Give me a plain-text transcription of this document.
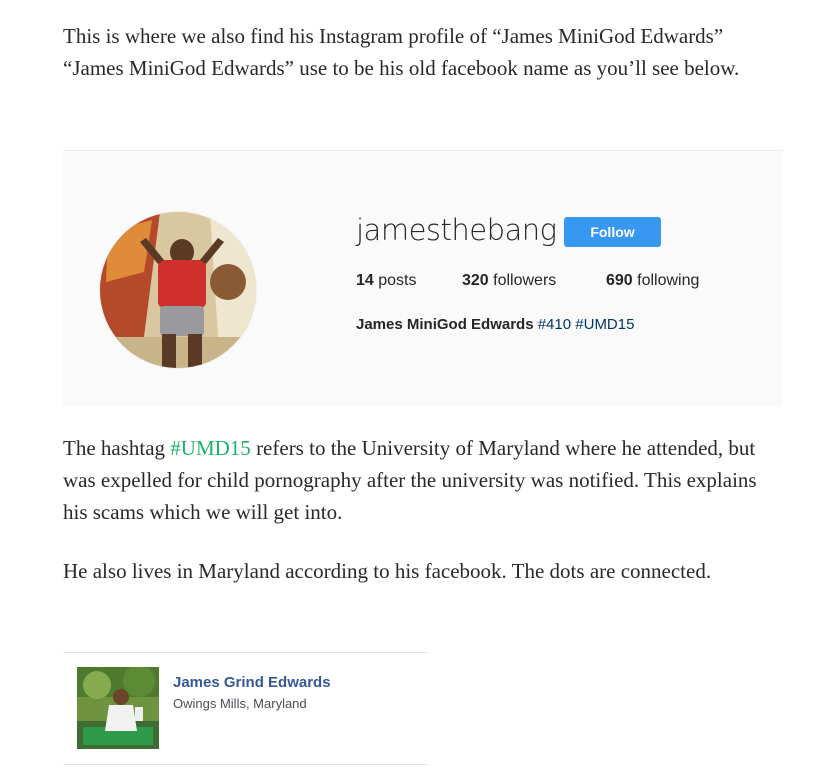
This is where we also find his Instagram profile of “James MiniGod Edwards” “James MiniGod Edwards” use to be his old facebook name as you’ll see below.

jamesthebang	Follow
14 posts	320 followers	690 following
James MiniGod Edwards #410 #UMD15

The hashtag #UMD15 refers to the University of Maryland where he attended, but was expelled for child pornography after the university was notified. This explains his scams which we will get into.

He also lives in Maryland according to his facebook. The dots are connected.

James Grind Edwards
Owings Mills, Maryland
